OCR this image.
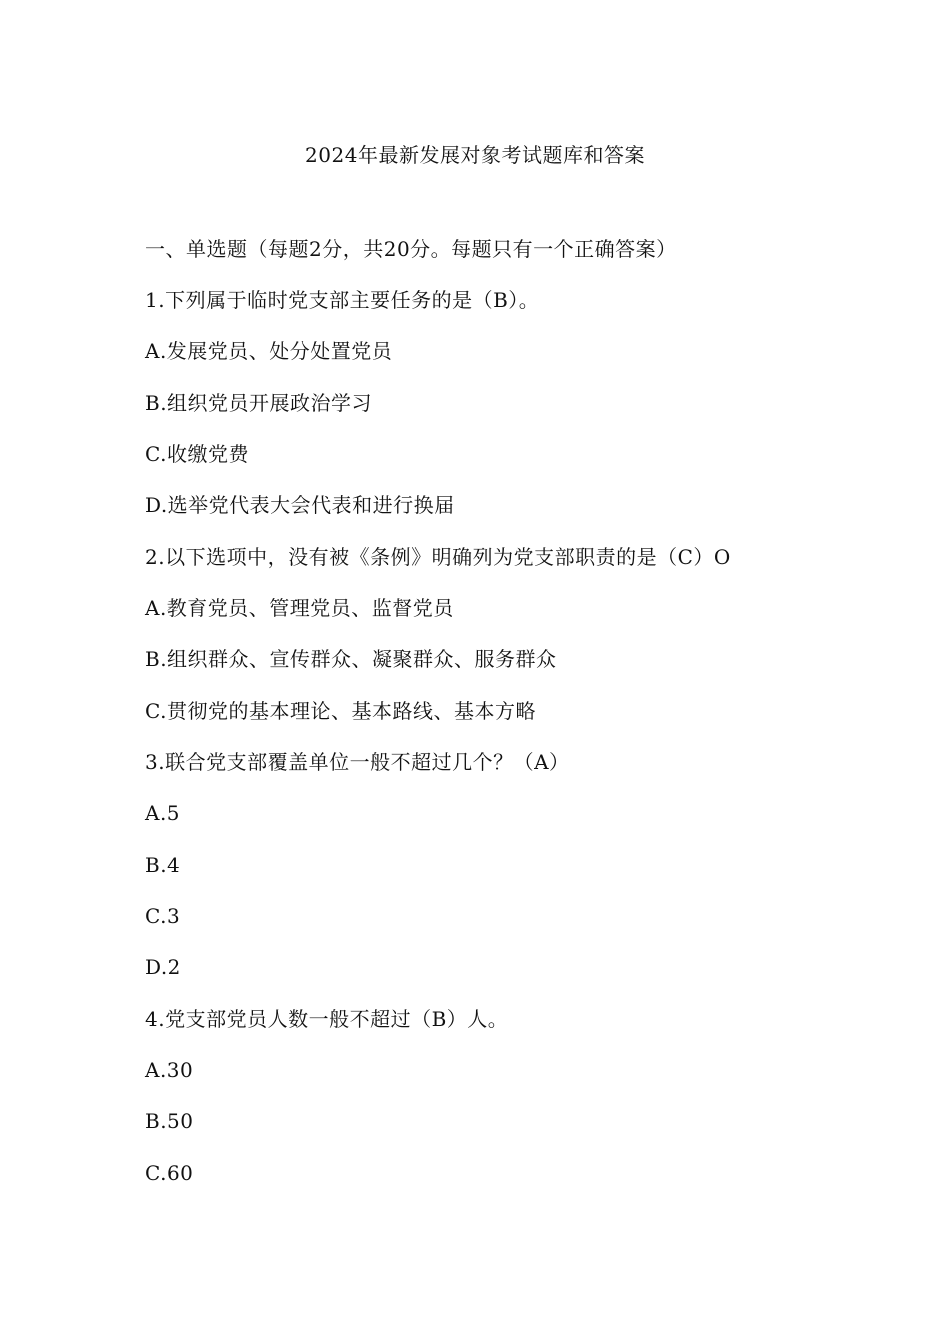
2024年最新发展对象考试题库和答案
一、单选题（每题2分，共20分。每题只有一个正确答案）
1.下列属于临时党支部主要任务的是（B）。
A.发展党员、处分处置党员
B.组织党员开展政治学习
C.收缴党费
D.选举党代表大会代表和进行换届
2.以下选项中，没有被《条例》明确列为党支部职责的是（C）O
A.教育党员、管理党员、监督党员
B.组织群众、宣传群众、凝聚群众、服务群众
C.贯彻党的基本理论、基本路线、基本方略
3.联合党支部覆盖单位一般不超过几个？（A）
A.5
B.4
C.3
D.2
4.党支部党员人数一般不超过（B）人。
A.30
B.50
C.60
